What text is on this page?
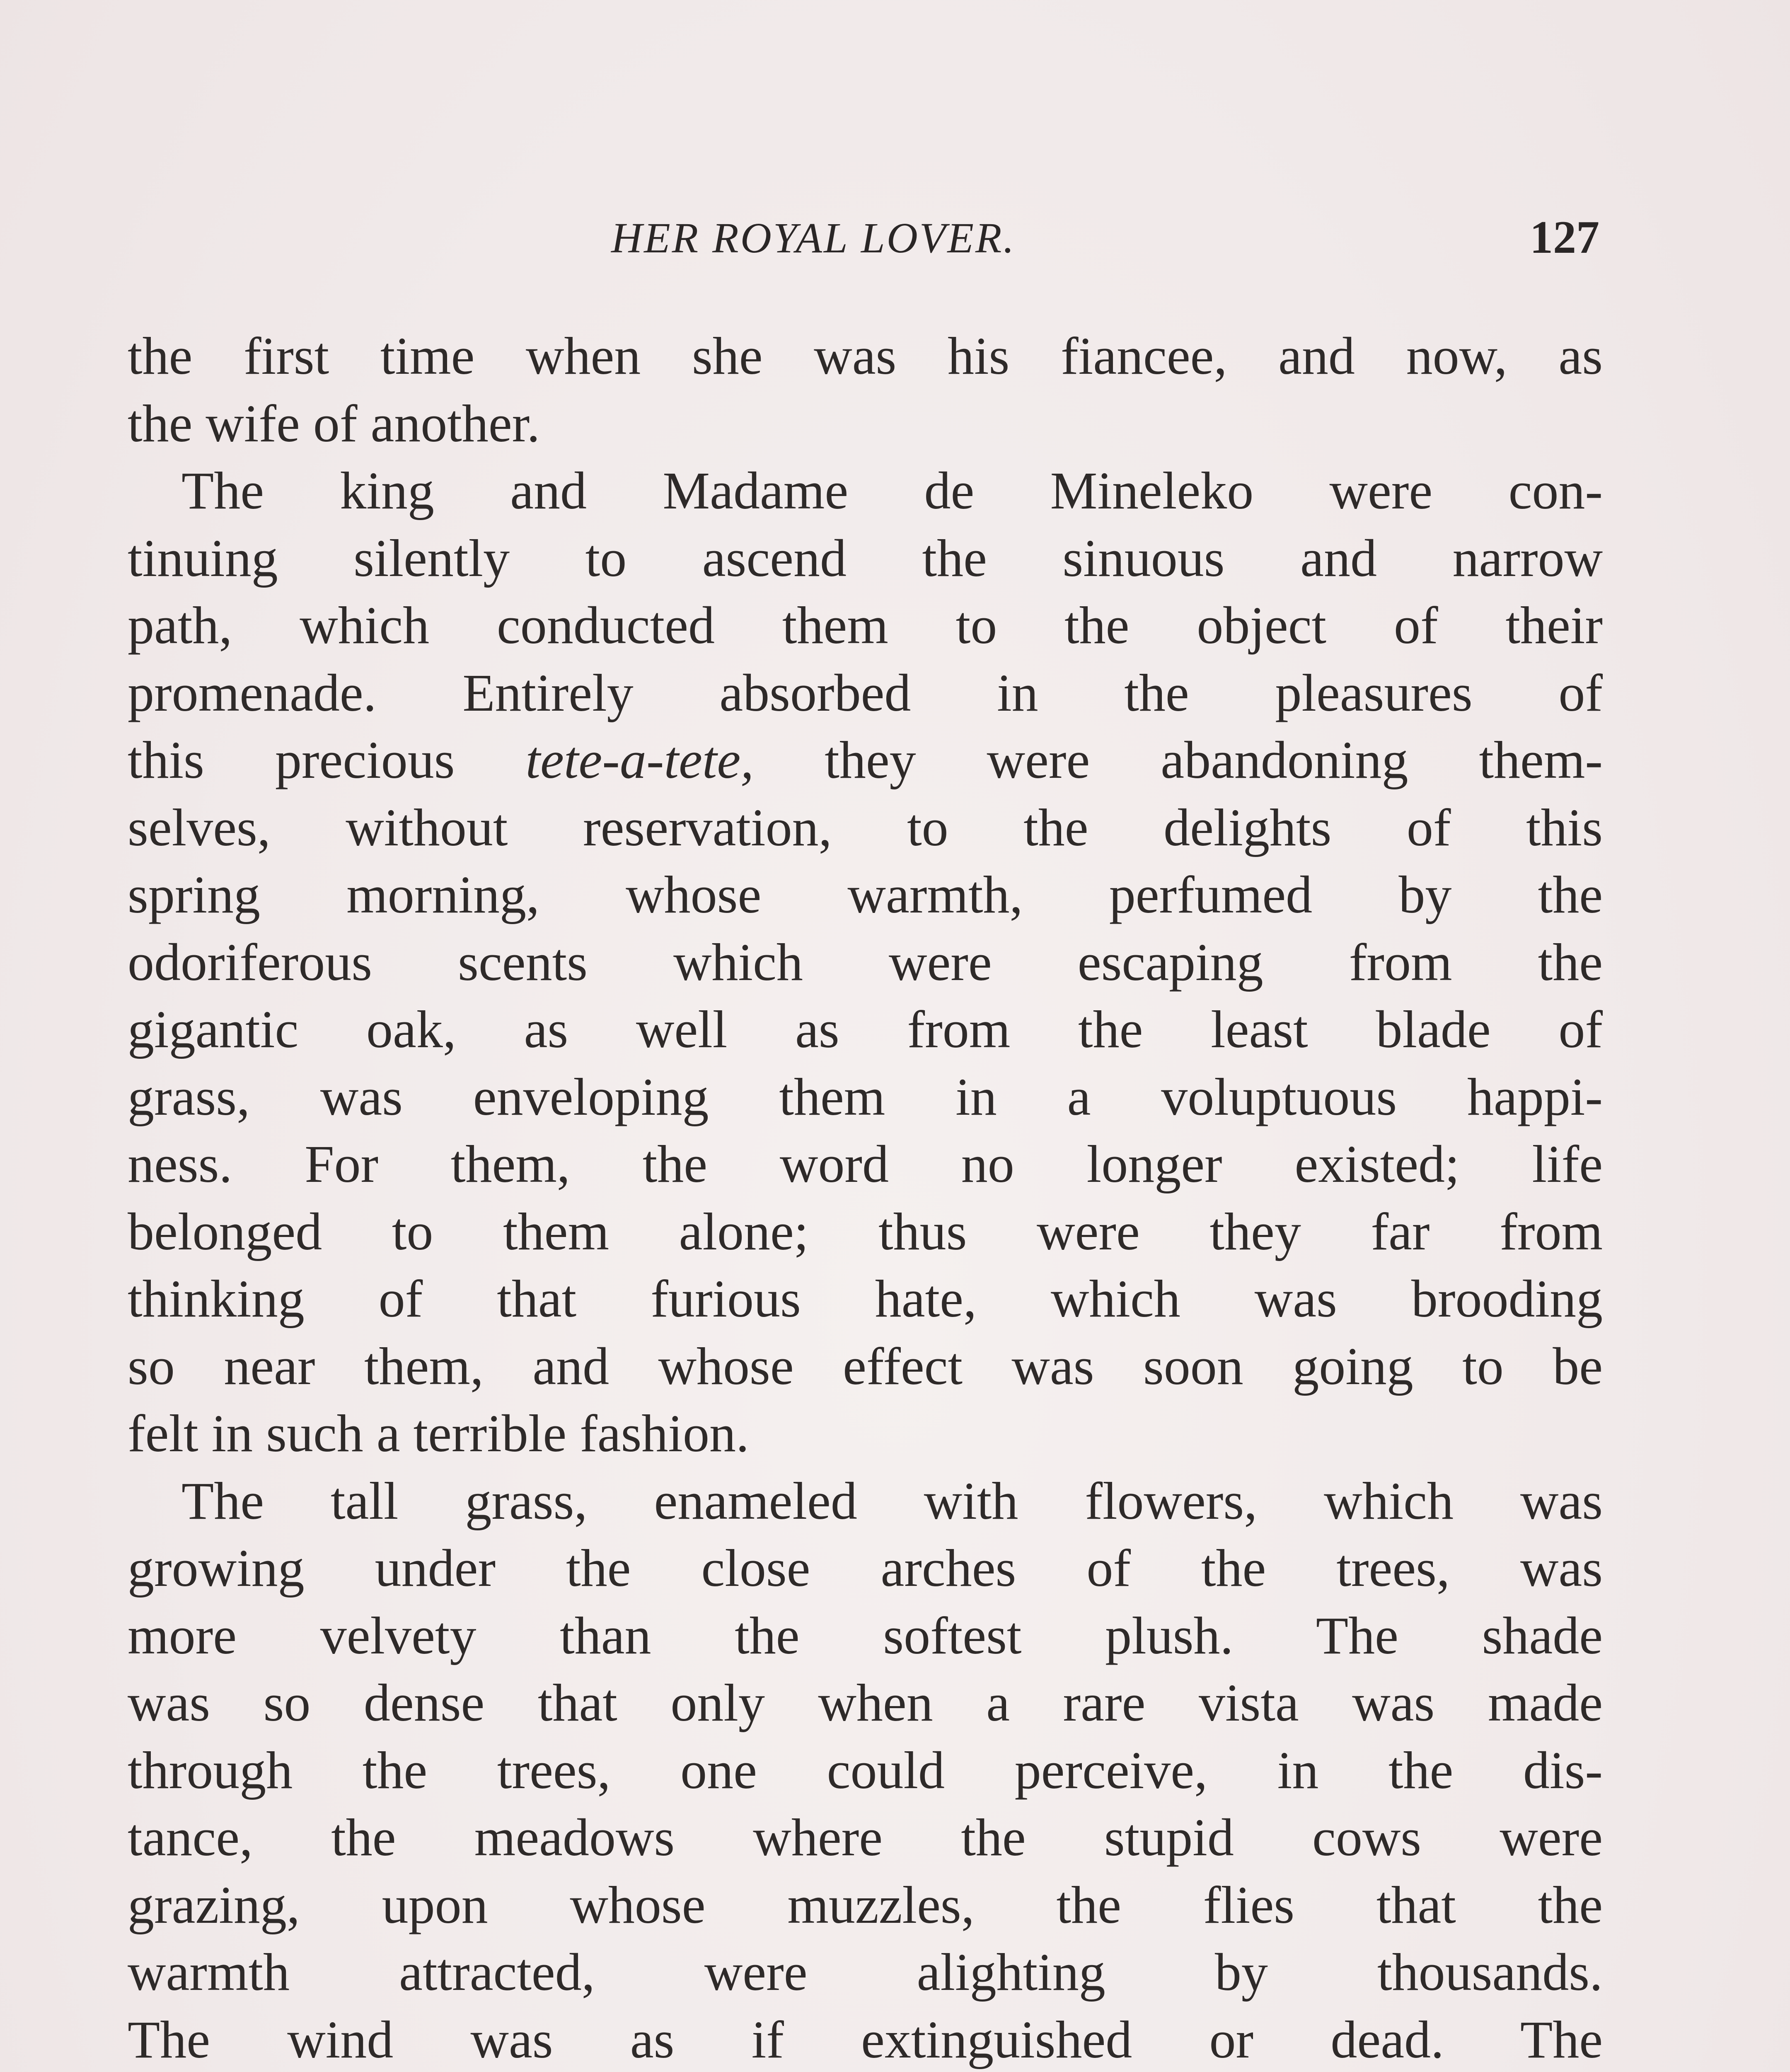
HER ROYAL LOVER.	127
the first time when she was his fiancee, and now, as
the wife of another.
The king and Madame de Mineleko were con-
tinuing silently to ascend the sinuous and narrow
path, which conducted them to the object of their
promenade. Entirely absorbed in the pleasures of
this precious tete-a-tete, they were abandoning them-
selves, without reservation, to the delights of this
spring morning, whose warmth, perfumed by the
odoriferous scents which were escaping from the
gigantic oak, as well as from the least blade of
grass, was enveloping them in a voluptuous happi-
ness. For them, the word no longer existed; life
belonged to them alone; thus were they far from
thinking of that furious hate, which was brooding
so near them, and whose effect was soon going to be
felt in such a terrible fashion.
The tall grass, enameled with flowers, which was
growing under the close arches of the trees, was
more velvety than the softest plush. The shade
was so dense that only when a rare vista was made
through the trees, one could perceive, in the dis-
tance, the meadows where the stupid cows were
grazing, upon whose muzzles, the flies that the
warmth attracted, were alighting by thousands.
The wind was as if extinguished or dead. The
